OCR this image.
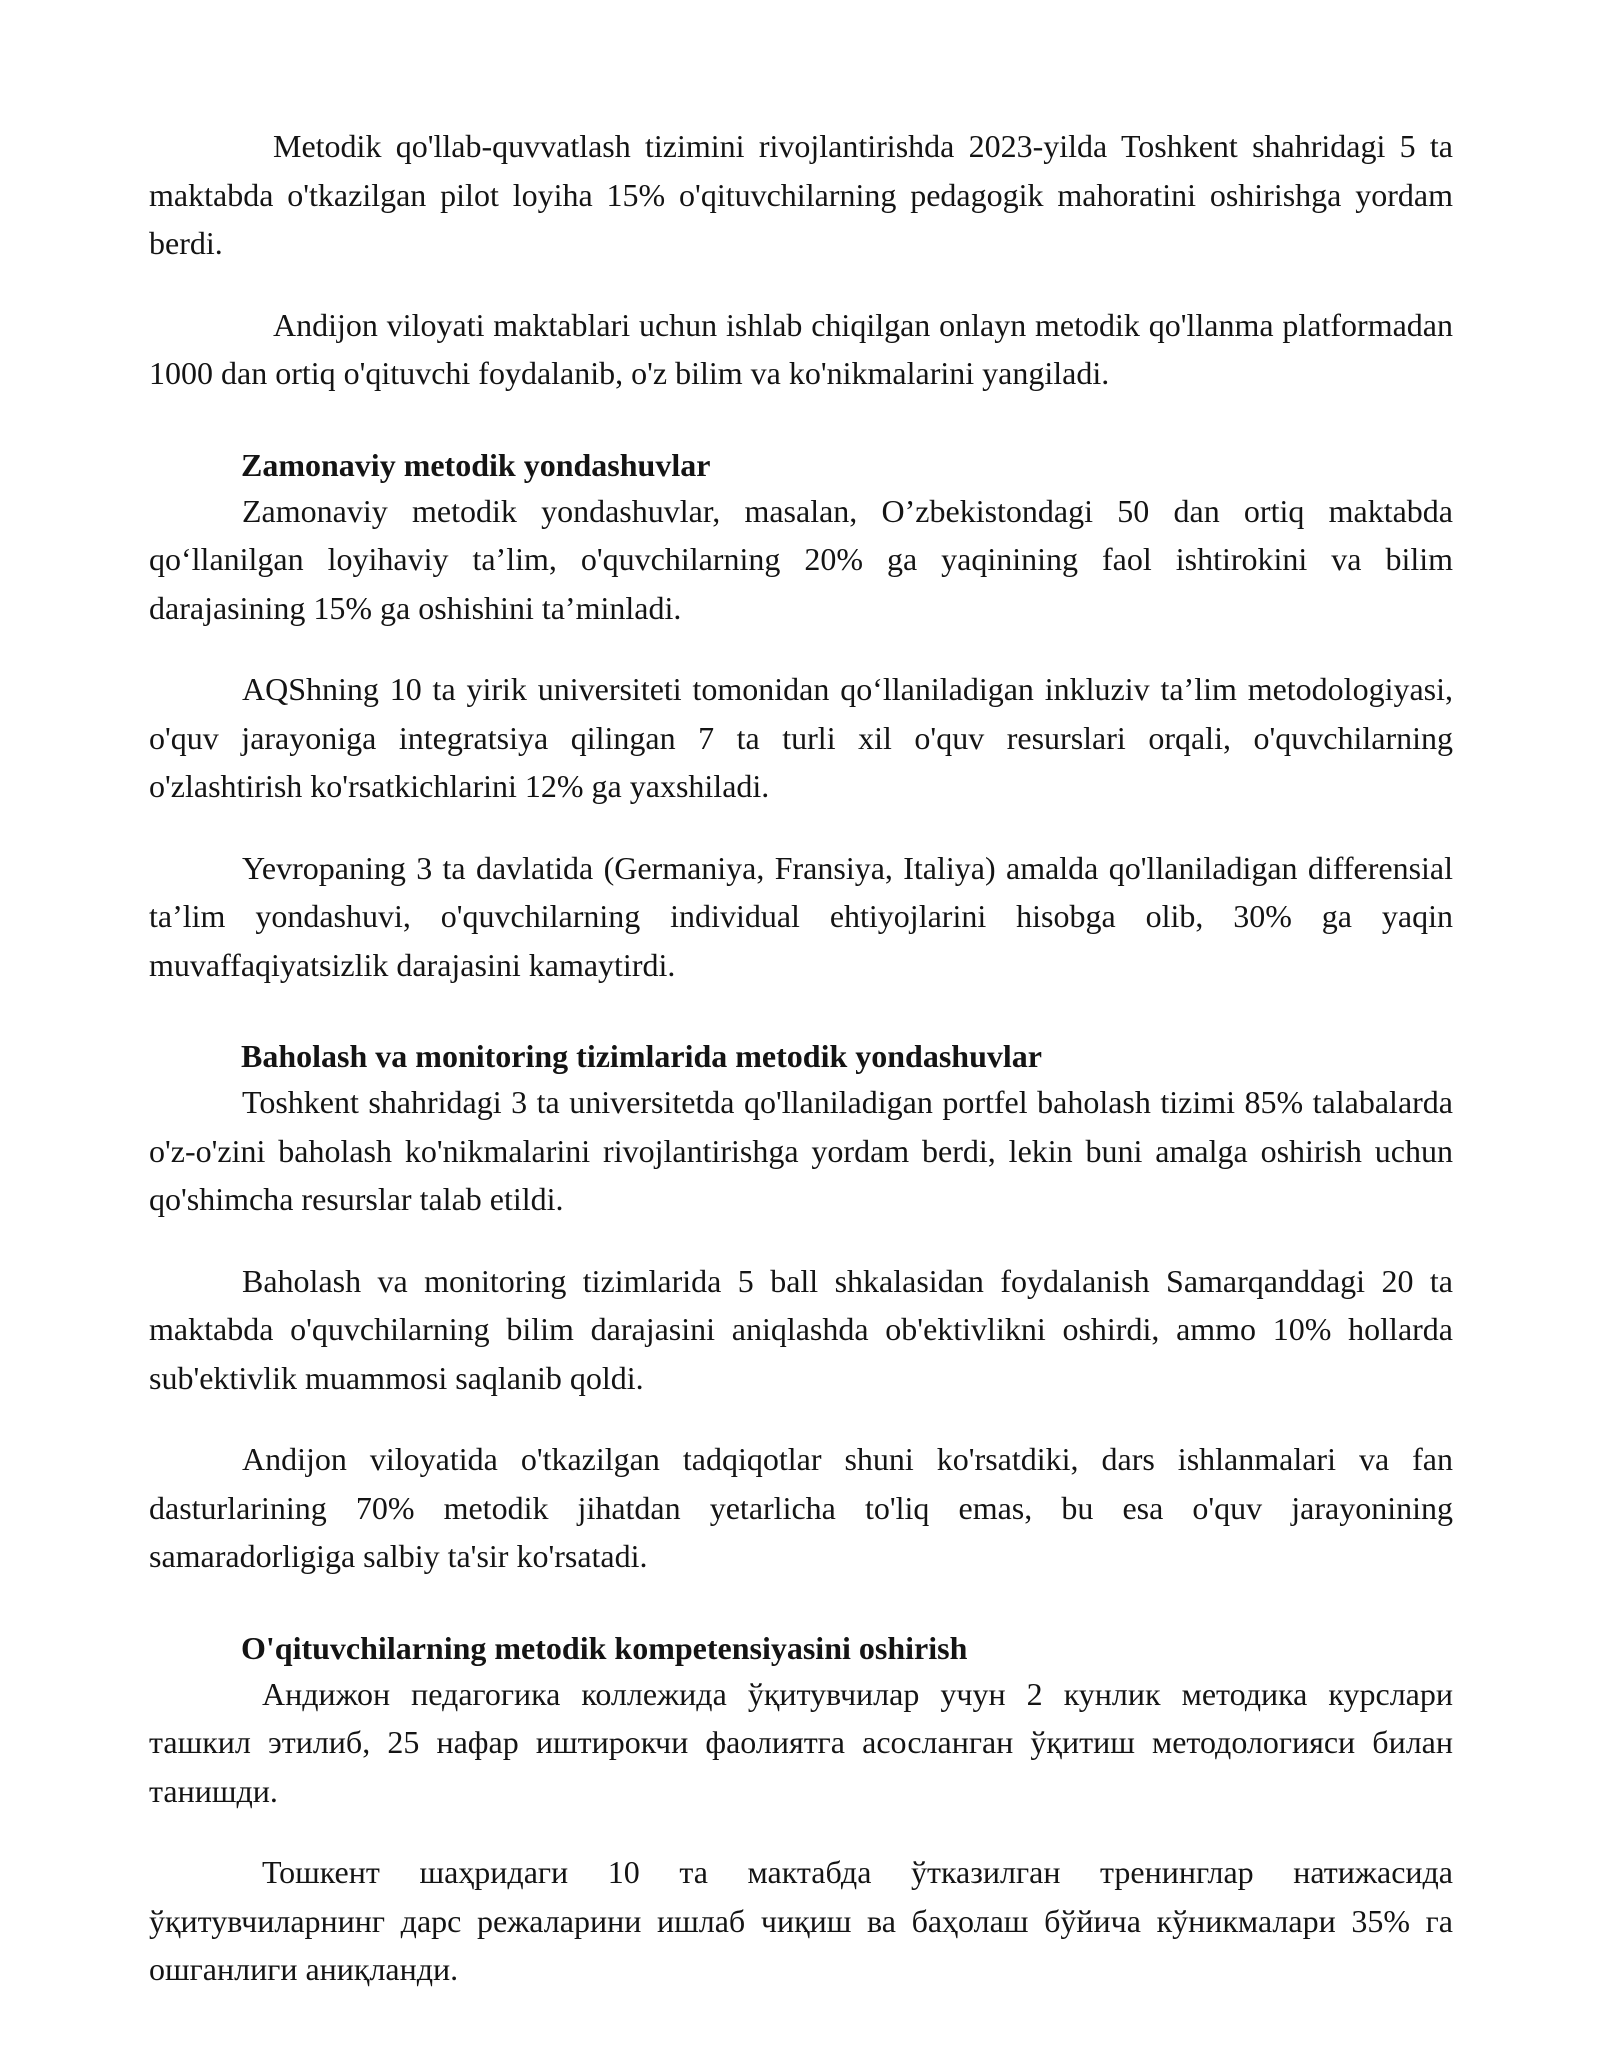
Metodik qo'llab-quvvatlash tizimini rivojlantirishda 2023-yilda Toshkent shahridagi 5 ta maktabda o'tkazilgan pilot loyiha 15% o'qituvchilarning pedagogik mahoratini oshirishga yordam berdi.

Andijon viloyati maktablari uchun ishlab chiqilgan onlayn metodik qo'llanma platformadan 1000 dan ortiq o'qituvchi foydalanib, o'z bilim va ko'nikmalarini yangiladi.

Zamonaviy metodik yondashuvlar

Zamonaviy metodik yondashuvlar, masalan, O’zbekistondagi 50 dan ortiq maktabda qo‘llanilgan loyihaviy ta’lim, o'quvchilarning 20% ga yaqinining faol ishtirokini va bilim darajasining 15% ga oshishini ta’minladi.

AQShning 10 ta yirik universiteti tomonidan qo‘llaniladigan inkluziv ta’lim metodologiyasi, o'quv jarayoniga integratsiya qilingan 7 ta turli xil o'quv resurslari orqali, o'quvchilarning o'zlashtirish ko'rsatkichlarini 12% ga yaxshiladi.

Yevropaning 3 ta davlatida (Germaniya, Fransiya, Italiya) amalda qo'llaniladigan differensial ta’lim yondashuvi, o'quvchilarning individual ehtiyojlarini hisobga olib, 30% ga yaqin muvaffaqiyatsizlik darajasini kamaytirdi.

Baholash va monitoring tizimlarida metodik yondashuvlar

Toshkent shahridagi 3 ta universitetda qo'llaniladigan portfel baholash tizimi 85% talabalarda o'z-o'zini baholash ko'nikmalarini rivojlantirishga yordam berdi, lekin buni amalga oshirish uchun qo'shimcha resurslar talab etildi.

Baholash va monitoring tizimlarida 5 ball shkalasidan foydalanish Samarqanddagi 20 ta maktabda o'quvchilarning bilim darajasini aniqlashda ob'ektivlikni oshirdi, ammo 10% hollarda sub'ektivlik muammosi saqlanib qoldi.

Andijon viloyatida o'tkazilgan tadqiqotlar shuni ko'rsatdiki, dars ishlanmalari va fan dasturlarining 70% metodik jihatdan yetarlicha to'liq emas, bu esa o'quv jarayonining samaradorligiga salbiy ta'sir ko'rsatadi.

O'qituvchilarning metodik kompetensiyasini oshirish

Андижон педагогика коллежида ўқитувчилар учун 2 кунлик методика курслари ташкил этилиб, 25 нафар иштирокчи фаолиятга асосланган ўқитиш методологияси билан танишди.

Тошкент шаҳридаги 10 та мактабда ўтказилган тренинглар натижасида ўқитувчиларнинг дарс режаларини ишлаб чиқиш ва баҳолаш бўйича кўникмалари 35% га ошганлиги аниқланди.
